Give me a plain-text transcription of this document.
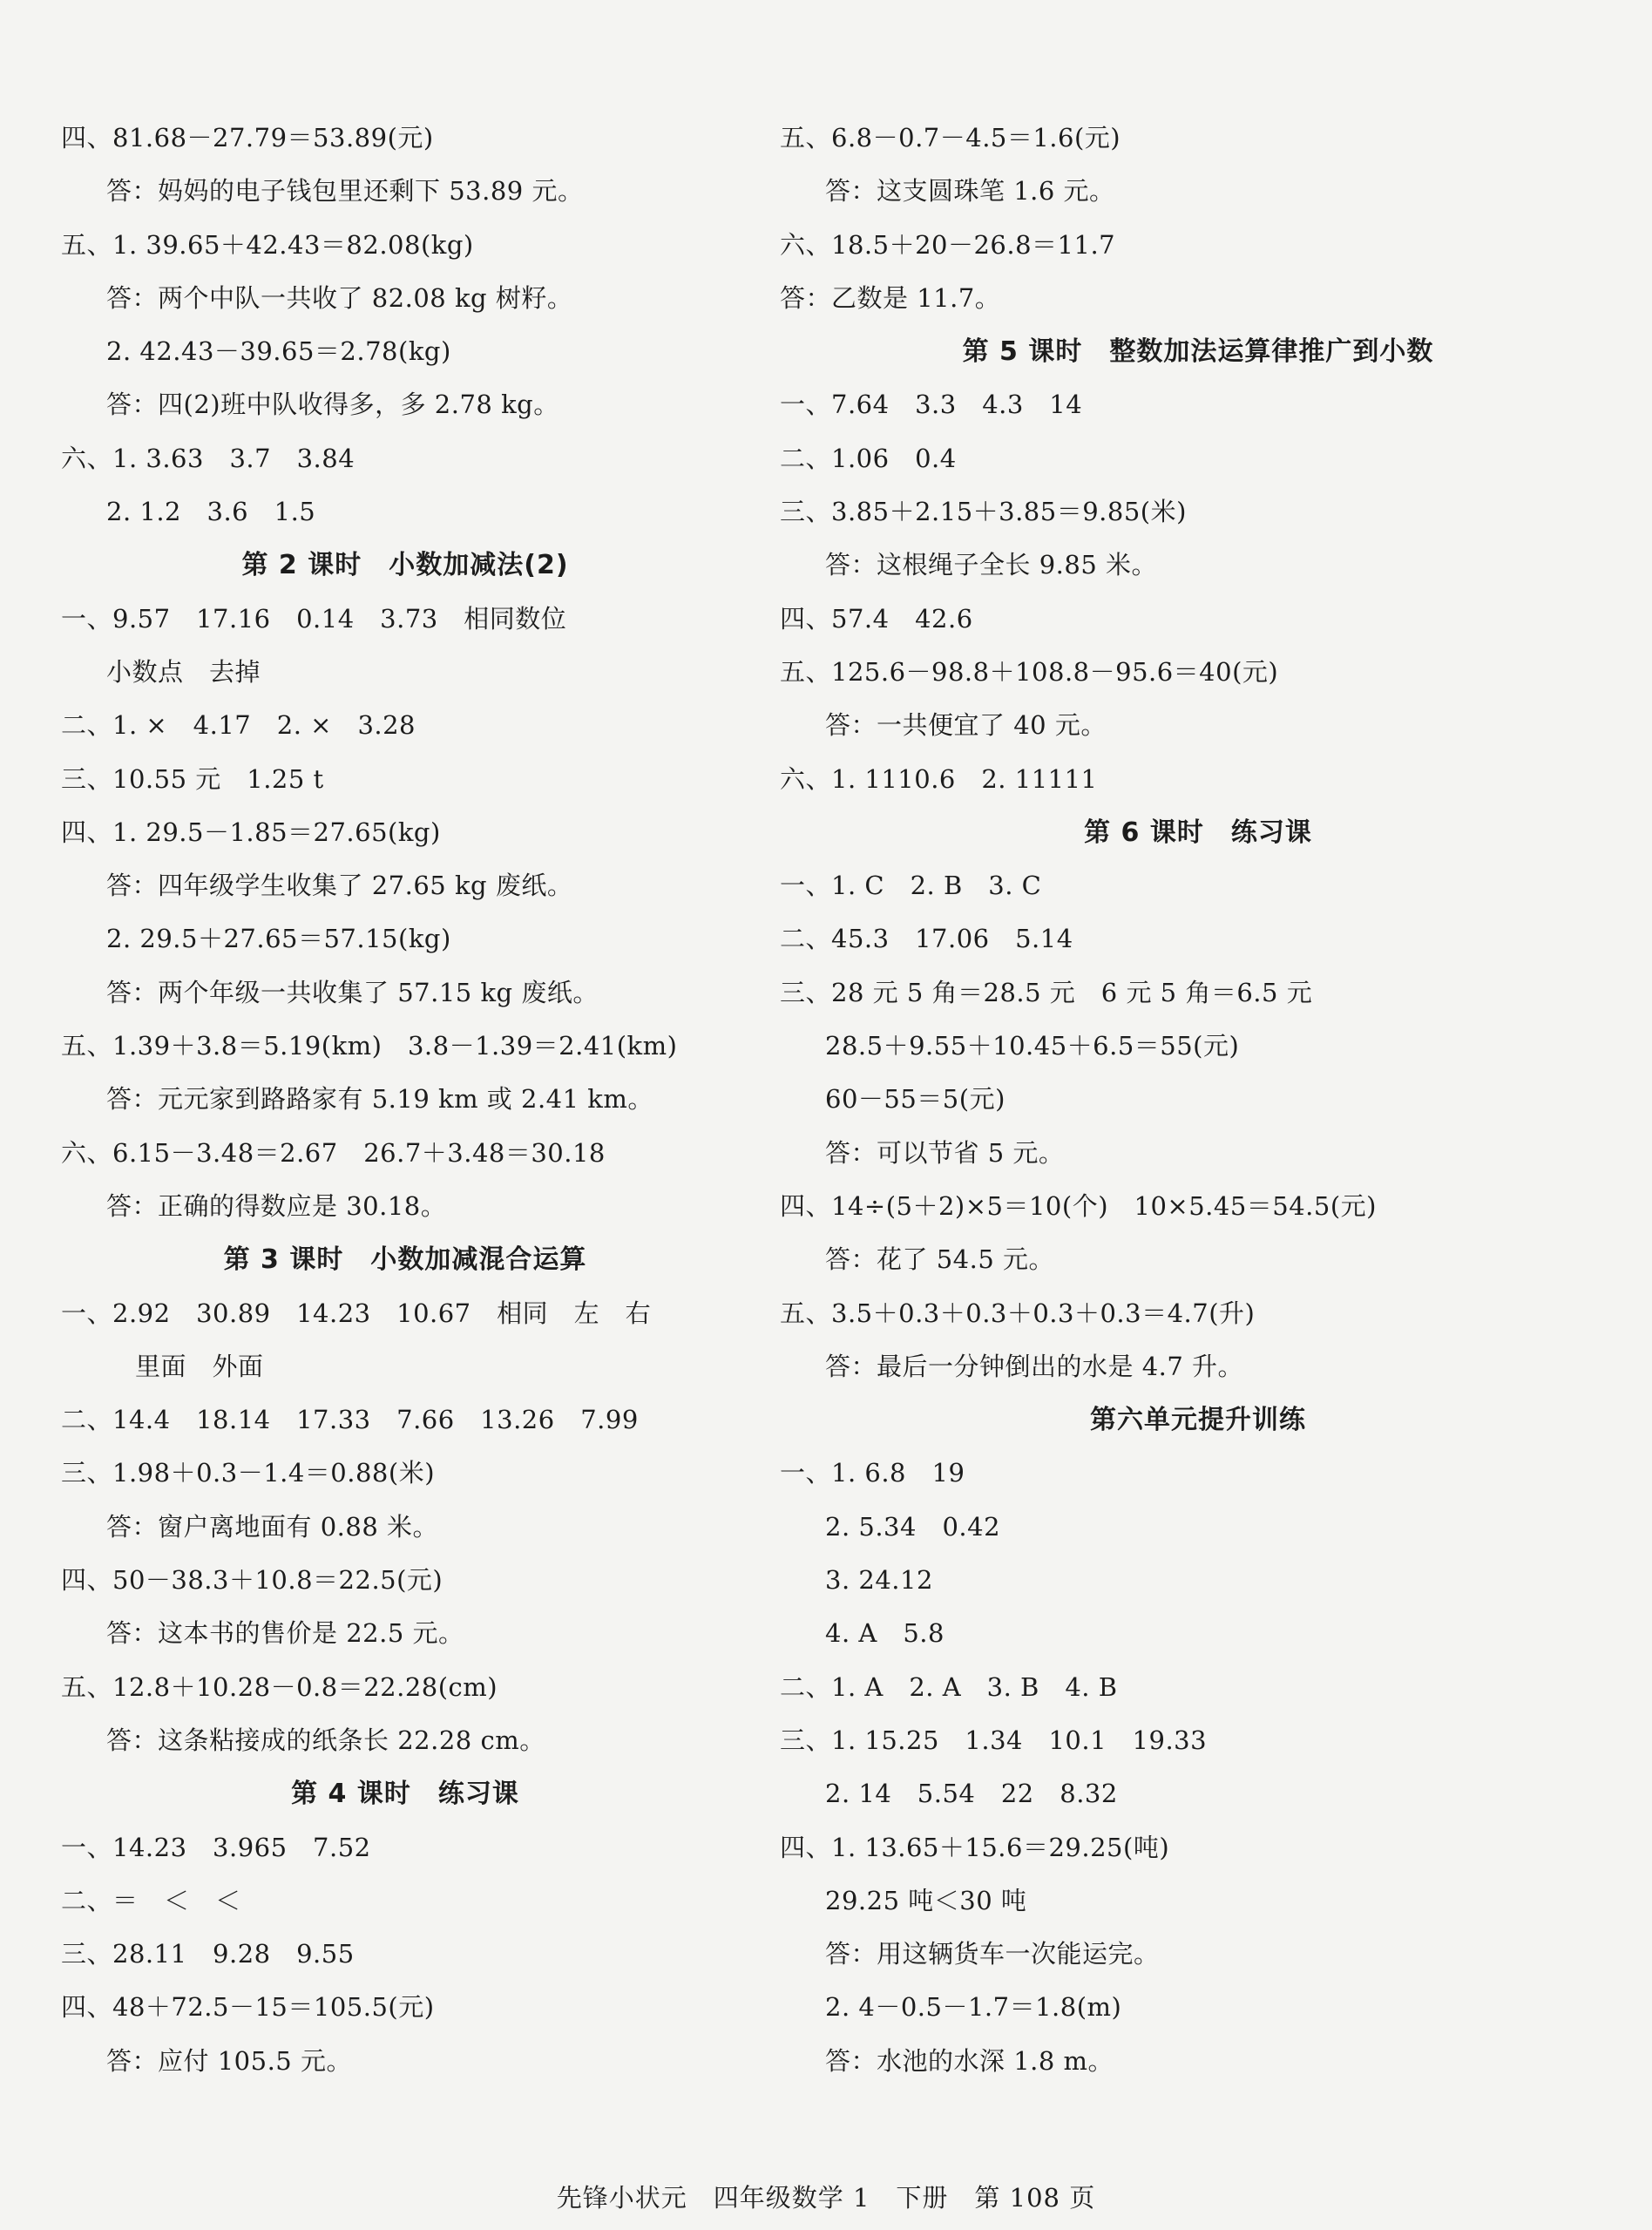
四、81.68－27.79＝53.89(元)
答：妈妈的电子钱包里还剩下 53.89 元。
五、1. 39.65＋42.43＝82.08(kg)
答：两个中队一共收了 82.08 kg 树籽。
2. 42.43－39.65＝2.78(kg)
答：四(2)班中队收得多，多 2.78 kg。
六、1. 3.63　3.7　3.84
2. 1.2　3.6　1.5
第 2 课时　小数加减法(2)
一、9.57　17.16　0.14　3.73　相同数位
小数点　去掉
二、1. ×　4.17　2. ×　3.28
三、10.55 元　1.25 t
四、1. 29.5－1.85＝27.65(kg)
答：四年级学生收集了 27.65 kg 废纸。
2. 29.5＋27.65＝57.15(kg)
答：两个年级一共收集了 57.15 kg 废纸。
五、1.39＋3.8＝5.19(km)　3.8－1.39＝2.41(km)
答：元元家到路路家有 5.19 km 或 2.41 km。
六、6.15－3.48＝2.67　26.7＋3.48＝30.18
答：正确的得数应是 30.18。
第 3 课时　小数加减混合运算
一、2.92　30.89　14.23　10.67　相同　左　右
里面　外面
二、14.4　18.14　17.33　7.66　13.26　7.99
三、1.98＋0.3－1.4＝0.88(米)
答：窗户离地面有 0.88 米。
四、50－38.3＋10.8＝22.5(元)
答：这本书的售价是 22.5 元。
五、12.8＋10.28－0.8＝22.28(cm)
答：这条粘接成的纸条长 22.28 cm。
第 4 课时　练习课
一、14.23　3.965　7.52
二、＝　＜　＜
三、28.11　9.28　9.55
四、48＋72.5－15＝105.5(元)
答：应付 105.5 元。
五、6.8－0.7－4.5＝1.6(元)
答：这支圆珠笔 1.6 元。
六、18.5＋20－26.8＝11.7
答：乙数是 11.7。
第 5 课时　整数加法运算律推广到小数
一、7.64　3.3　4.3　14
二、1.06　0.4
三、3.85＋2.15＋3.85＝9.85(米)
答：这根绳子全长 9.85 米。
四、57.4　42.6
五、125.6－98.8＋108.8－95.6＝40(元)
答：一共便宜了 40 元。
六、1. 1110.6　2. 11111
第 6 课时　练习课
一、1. C　2. B　3. C
二、45.3　17.06　5.14
三、28 元 5 角＝28.5 元　6 元 5 角＝6.5 元
28.5＋9.55＋10.45＋6.5＝55(元)
60－55＝5(元)
答：可以节省 5 元。
四、14÷(5＋2)×5＝10(个)　10×5.45＝54.5(元)
答：花了 54.5 元。
五、3.5＋0.3＋0.3＋0.3＋0.3＝4.7(升)
答：最后一分钟倒出的水是 4.7 升。
第六单元提升训练
一、1. 6.8　19
2. 5.34　0.42
3. 24.12
4. A　5.8
二、1. A　2. A　3. B　4. B
三、1. 15.25　1.34　10.1　19.33
2. 14　5.54　22　8.32
四、1. 13.65＋15.6＝29.25(吨)
29.25 吨＜30 吨
答：用这辆货车一次能运完。
2. 4－0.5－1.7＝1.8(m)
答：水池的水深 1.8 m。
先锋小状元　四年级数学 1　下册　第 108 页
